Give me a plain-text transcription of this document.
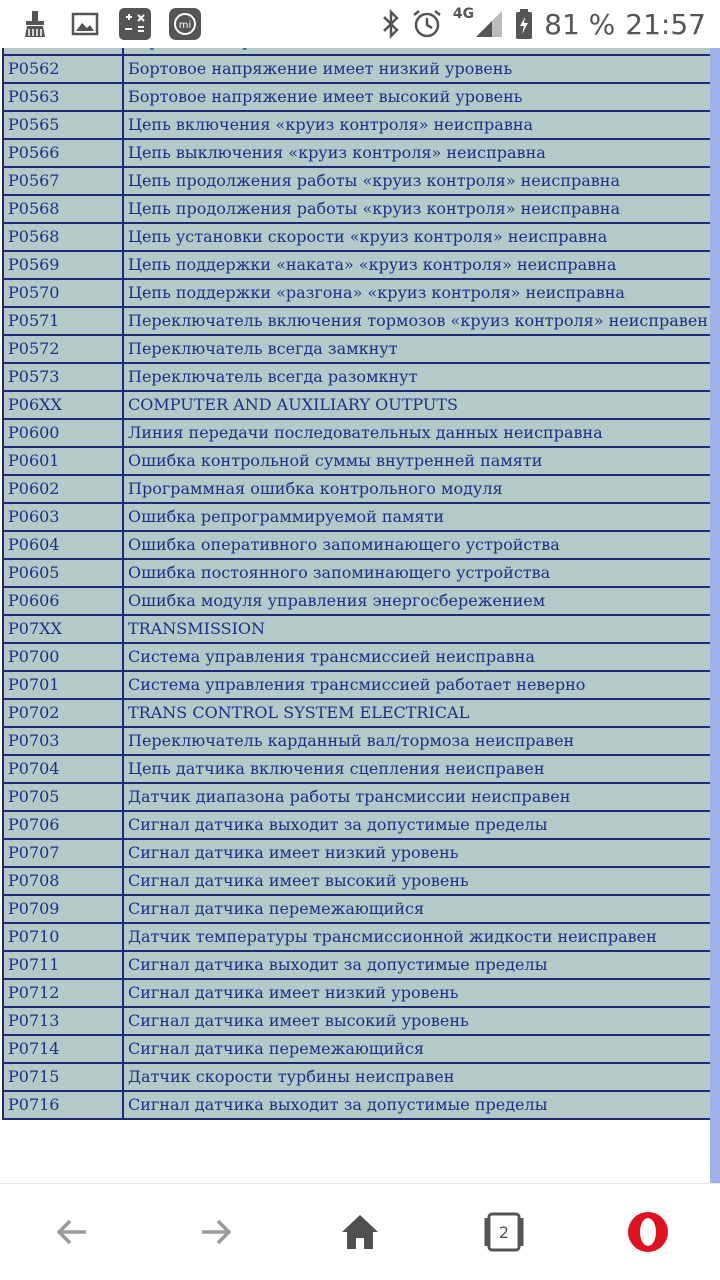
mi
4G	81 % 21:57

P0562	Бортовое напряжение имеет низкий уровень
P0563	Бортовое напряжение имеет высокий уровень
P0565	Цепь включения «круиз контроля» неисправна
P0566	Цепь выключения «круиз контроля» неисправна
P0567	Цепь продолжения работы «круиз контроля» неисправна
P0568	Цепь продолжения работы «круиз контроля» неисправна
P0568	Цепь установки скорости «круиз контроля» неисправна
P0569	Цепь поддержки «наката» «круиз контроля» неисправна
P0570	Цепь поддержки «разгона» «круиз контроля» неисправна
P0571	Переключатель включения тормозов «круиз контроля» неисправен
P0572	Переключатель всегда замкнут
P0573	Переключатель всегда разомкнут
P06XX	COMPUTER AND AUXILIARY OUTPUTS
P0600	Линия передачи последовательных данных неисправна
P0601	Ошибка контрольной суммы внутренней памяти
P0602	Программная ошибка контрольного модуля
P0603	Ошибка репрограммируемой памяти
P0604	Ошибка оперативного запоминающего устройства
P0605	Ошибка постоянного запоминающего устройства
P0606	Ошибка модуля управления энергосбережением
P07XX	TRANSMISSION
P0700	Система управления трансмиссией неисправна
P0701	Система управления трансмиссией работает неверно
P0702	TRANS CONTROL SYSTEM ELECTRICAL
P0703	Переключатель карданный вал/тормоза неисправен
P0704	Цепь датчика включения сцепления неисправен
P0705	Датчик диапазона работы трансмиссии неисправен
P0706	Сигнал датчика выходит за допустимые пределы
P0707	Сигнал датчика имеет низкий уровень
P0708	Сигнал датчика имеет высокий уровень
P0709	Сигнал датчика перемежающийся
P0710	Датчик температуры трансмиссионной жидкости неисправен
P0711	Сигнал датчика выходит за допустимые пределы
P0712	Сигнал датчика имеет низкий уровень
P0713	Сигнал датчика имеет высокий уровень
P0714	Сигнал датчика перемежающийся
P0715	Датчик скорости турбины неисправен
P0716	Сигнал датчика выходит за допустимые пределы
2
